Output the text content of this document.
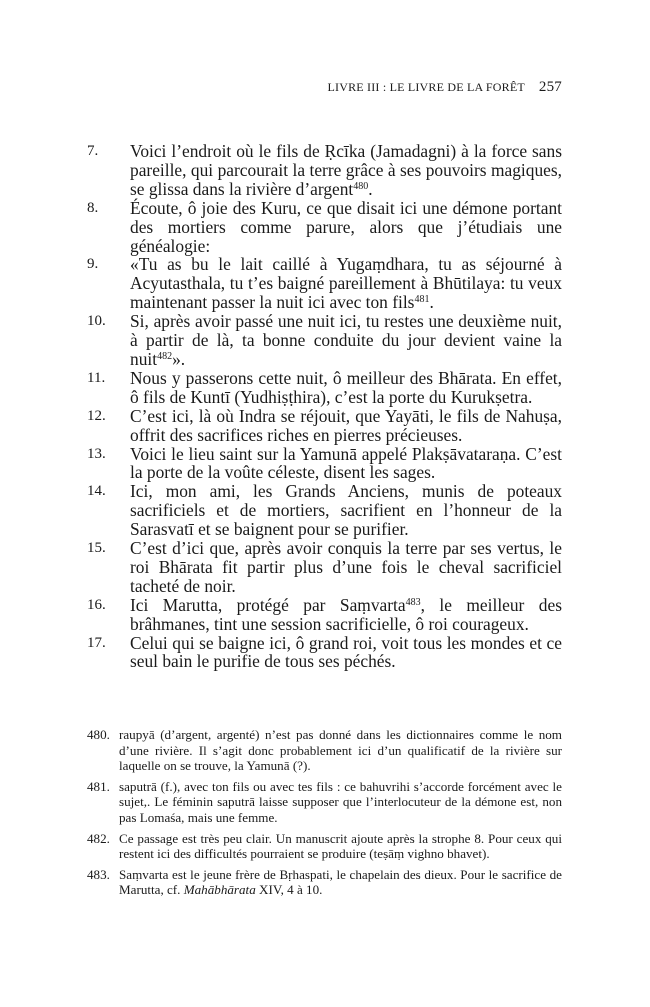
LIVRE III : LE LIVRE DE LA FORÊT 257
7.	Voici l’endroit où le fils de Ṛcīka (Jamadagni) à la force sans pareille, qui parcourait la terre grâce à ses pouvoirs magiques, se glissa dans la rivière d’argent$^{480}$.
8.	Écoute, ô joie des Kuru, ce que disait ici une démone portant des mortiers comme parure, alors que j’étudiais une généalogie:
9.	«Tu as bu le lait caillé à Yugaṃdhara, tu as séjourné à Acyutasthala, tu t’es baigné pareillement à Bhūtilaya: tu veux maintenant passer la nuit ici avec ton fils$^{481}$.
10.	Si, après avoir passé une nuit ici, tu restes une deuxième nuit, à partir de là, ta bonne conduite du jour devient vaine la nuit$^{482}$».
11.	Nous y passerons cette nuit, ô meilleur des Bhārata. En effet, ô fils de Kuntī (Yudhiṣṭhira), c’est la porte du Kurukṣetra.
12.	C’est ici, là où Indra se réjouit, que Yayāti, le fils de Nahuṣa, offrit des sacrifices riches en pierres précieuses.
13.	Voici le lieu saint sur la Yamunā appelé Plakṣāvataraṇa. C’est la porte de la voûte céleste, disent les sages.
14.	Ici, mon ami, les Grands Anciens, munis de poteaux sacrificiels et de mortiers, sacrifient en l’honneur de la Sarasvatī et se baignent pour se purifier.
15.	C’est d’ici que, après avoir conquis la terre par ses vertus, le roi Bhārata fit partir plus d’une fois le cheval sacrificiel tacheté de noir.
16.	Ici Marutta, protégé par Saṃvarta$^{483}$, le meilleur des brâhmanes, tint une session sacrificielle, ô roi courageux.
17.	Celui qui se baigne ici, ô grand roi, voit tous les mondes et ce seul bain le purifie de tous ses péchés.
480. raupyā (d’argent, argenté) n’est pas donné dans les dictionnaires comme le nom d’une rivière. Il s’agit donc probablement ici d’un qualificatif de la rivière sur laquelle on se trouve, la Yamunā (?).
481. saputrā (f.), avec ton fils ou avec tes fils : ce bahuvrihi s’accorde forcément avec le sujet,. Le féminin saputrā laisse supposer que l’interlocuteur de la démone est, non pas Lomaśa, mais une femme.
482. Ce passage est très peu clair. Un manuscrit ajoute après la strophe 8. Pour ceux qui restent ici des difficultés pourraient se produire (teṣāṃ vighno bhavet).
483. Saṃvarta est le jeune frère de Bṛhaspati, le chapelain des dieux. Pour le sacrifice de Marutta, cf. Mahābhārata XIV, 4 à 10.
